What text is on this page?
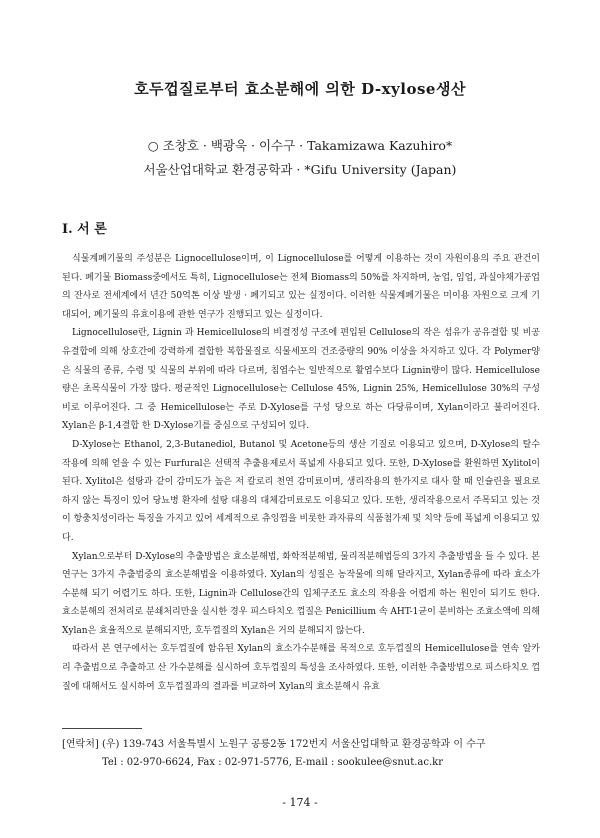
호두껍질로부터 효소분해에 의한 D-xylose생산
○ 조창호 · 백광욱 · 이수구 · Takamizawa Kazuhiro*
서울산업대학교 환경공학과 · *Gifu University (Japan)
Ⅰ. 서 론

식물계폐기물의 주성분은 Lignocellulose이며, 이 Lignocellulose를 어떻게 이용하는 것이 자원이용의 주요 관건이 된다. 폐기물 Biomass중에서도 특히, Lignocellulose는 전체 Biomass의 50%를 차지하며, 농업, 임업, 과실야채가공업의 잔사로 전세계에서 년간 50억톤 이상 발생 · 폐기되고 있는 실정이다. 이러한 식물계폐기물은 미이용 자원으로 크게 기대되어, 폐기물의 유효이용에 관한 연구가 진행되고 있는 실정이다.

Lignocellulose란, Lignin 과 Hemicellulose의 비결정성 구조에 편입된 Cellulose의 작은 섬유가 공유결합 및 비공유결합에 의해 상호간에 강력하게 결합한 복합물질로 식물세포의 건조중량의 90% 이상을 차지하고 있다. 각 Polymer양은 식물의 종류, 수령 및 식물의 부위에 따라 다르며, 침엽수는 일반적으로 활엽수보다 Lignin량이 많다. Hemicellulose량은 초목식물이 가장 많다. 평균적인 Lignocellulose는 Cellulose 45%, Lignin 25%, Hemicellulose 30%의 구성비로 이루어진다. 그 중 Hemicellulose는 주로 D-Xylose를 구성 당으로 하는 다당류이며, Xylan이라고 불리어진다. Xylan은 β-1,4결합 한 D-Xylose기를 중심으로 구성되어 있다.

D-Xylose는 Ethanol, 2,3-Butanediol, Butanol 및 Acetone등의 생산 기질로 이용되고 있으며, D-Xylose의 탈수작용에 의해 얻을 수 있는 Furfural은 선택적 추출용제로서 폭넓게 사용되고 있다. 또한, D-Xylose를 환원하면 Xylitol이 된다. Xylitol은 설탕과 같이 감미도가 높은 저 칼로리 천연 감미료이며, 생리작용의 한가지로 대사 할 때 인슐린을 필요로 하지 않는 특징이 있어 당뇨병 환자에 설탕 대용의 대체감미료로도 이용되고 있다. 또한, 생리작용으로서 주목되고 있는 것이 항충치성이라는 특징을 가지고 있어 세계적으로 츄잉껌을 비롯한 과자류의 식품첨가제 및 치약 등에 폭넓게 이용되고 있다.

Xylan으로부터 D-Xylose의 추출방법은 효소분해법, 화학적분해법, 물리적분해법등의 3가지 추출방법을 들 수 있다. 본 연구는 3가지 추출법중의 효소분해법을 이용하였다. Xylan의 성질은 농작물에 의해 달라지고, Xylan종류에 따라 효소가수분해 되기 어렵기도 하다. 또한, Lignin과 Cellulose간의 입체구조도 효소의 작용을 어렵게 하는 원인이 되기도 한다. 효소분해의 전처리로 분쇄처리만을 실시한 경우 피스타치오 껍질은 Penicillium 속 AHT-1균이 분비하는 조효소액에 의해 Xylan은 효율적으로 분해되지만, 호두껍질의 Xylan은 거의 분해되지 않는다.

따라서 본 연구에서는 호두껍질에 함유된 Xylan의 효소가수분해를 목적으로 호두껍질의 Hemicellulose를 연속 알카리 추출법으로 추출하고 산 가수분해를 실시하여 호두껍질의 특성을 조사하였다. 또한, 이러한 추출방법으로 피스타치오 껍질에 대해서도 실시하여 호두껍질과의 결과를 비교하여 Xylan의 효소분해시 유효

[연락처] (우) 139-743 서울특별시 노원구 공릉2동 172번지 서울산업대학교 환경공학과 이 수구
Tel : 02-970-6624, Fax : 02-971-5776, E-mail : sookulee@snut.ac.kr
- 174 -
